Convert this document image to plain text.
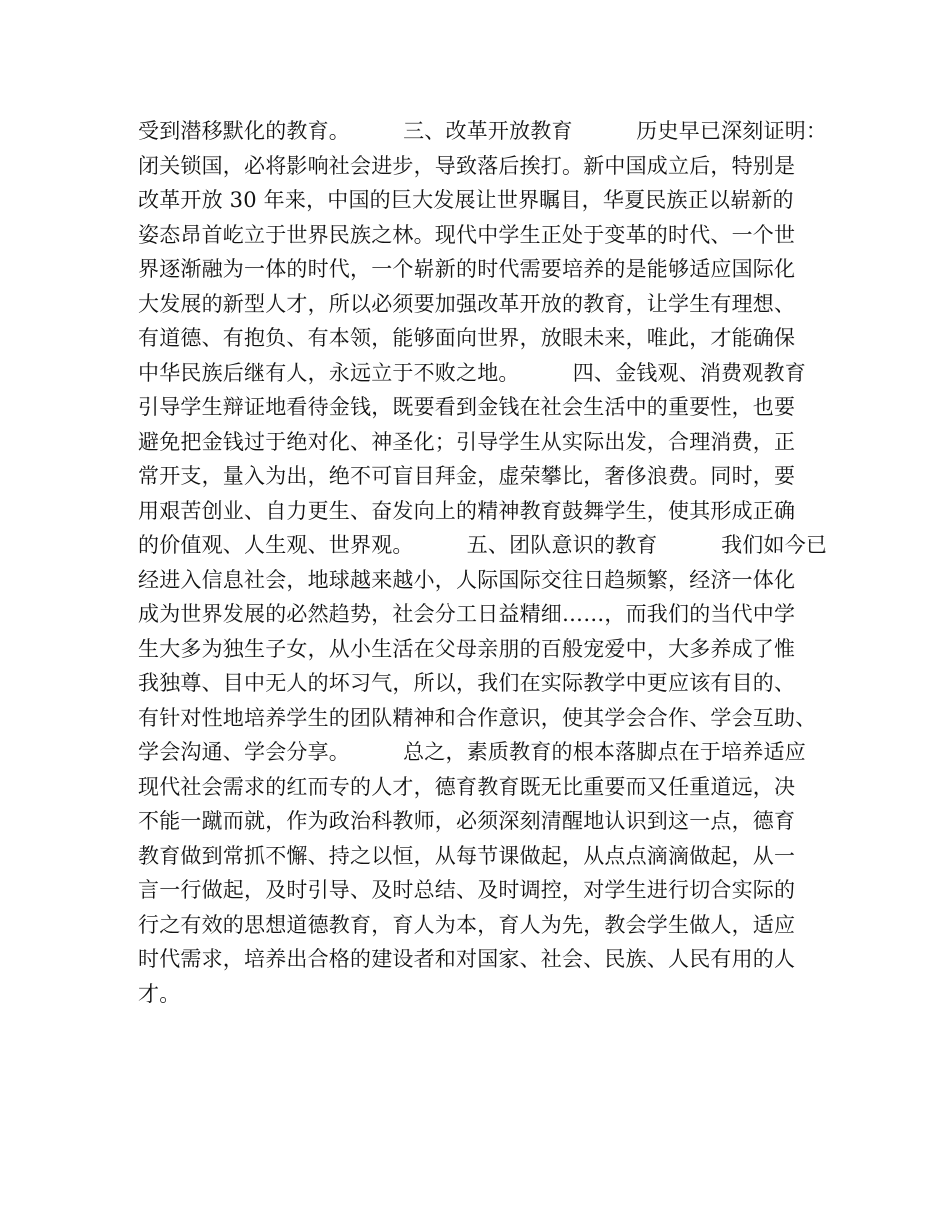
受到潜移默化的教育。　　　三、改革开放教育　　　历史早已深刻证明：
闭关锁国，必将影响社会进步，导致落后挨打。新中国成立后，特别是
改革开放 30 年来，中国的巨大发展让世界瞩目，华夏民族正以崭新的
姿态昂首屹立于世界民族之林。现代中学生正处于变革的时代、一个世
界逐渐融为一体的时代，一个崭新的时代需要培养的是能够适应国际化
大发展的新型人才，所以必须要加强改革开放的教育，让学生有理想、
有道德、有抱负、有本领，能够面向世界，放眼未来，唯此，才能确保
中华民族后继有人，永远立于不败之地。　　　四、金钱观、消费观教育
引导学生辩证地看待金钱，既要看到金钱在社会生活中的重要性，也要
避免把金钱过于绝对化、神圣化；引导学生从实际出发，合理消费，正
常开支，量入为出，绝不可盲目拜金，虚荣攀比，奢侈浪费。同时，要
用艰苦创业、自力更生、奋发向上的精神教育鼓舞学生，使其形成正确
的价值观、人生观、世界观。　　　五、团队意识的教育　　　我们如今已
经进入信息社会，地球越来越小，人际国际交往日趋频繁，经济一体化
成为世界发展的必然趋势，社会分工日益精细……，而我们的当代中学
生大多为独生子女，从小生活在父母亲朋的百般宠爱中，大多养成了惟
我独尊、目中无人的坏习气，所以，我们在实际教学中更应该有目的、
有针对性地培养学生的团队精神和合作意识，使其学会合作、学会互助、
学会沟通、学会分享。　　　总之，素质教育的根本落脚点在于培养适应
现代社会需求的红而专的人才，德育教育既无比重要而又任重道远，决
不能一蹴而就，作为政治科教师，必须深刻清醒地认识到这一点，德育
教育做到常抓不懈、持之以恒，从每节课做起，从点点滴滴做起，从一
言一行做起，及时引导、及时总结、及时调控，对学生进行切合实际的
行之有效的思想道德教育，育人为本，育人为先，教会学生做人，适应
时代需求，培养出合格的建设者和对国家、社会、民族、人民有用的人
才。
